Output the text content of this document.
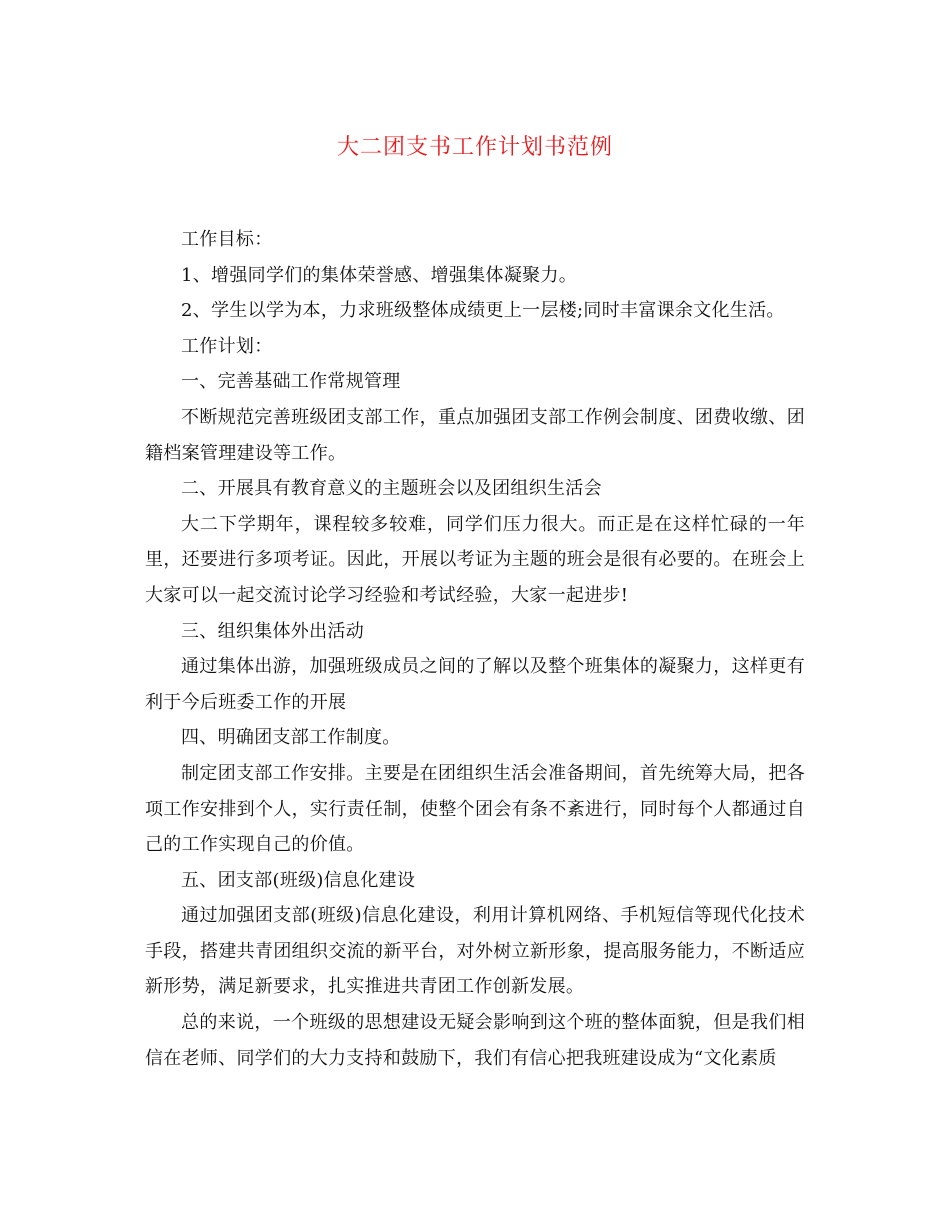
大二团支书工作计划书范例

工作目标：

1、增强同学们的集体荣誉感、增强集体凝聚力。

2、学生以学为本，力求班级整体成绩更上一层楼;同时丰富课余文化生活。

工作计划：

一、完善基础工作常规管理

不断规范完善班级团支部工作，重点加强团支部工作例会制度、团费收缴、团籍档案管理建设等工作。

二、开展具有教育意义的主题班会以及团组织生活会

大二下学期年，课程较多较难，同学们压力很大。而正是在这样忙碌的一年里，还要进行多项考证。因此，开展以考证为主题的班会是很有必要的。在班会上大家可以一起交流讨论学习经验和考试经验，大家一起进步!

三、组织集体外出活动

通过集体出游，加强班级成员之间的了解以及整个班集体的凝聚力，这样更有利于今后班委工作的开展

四、明确团支部工作制度。

制定团支部工作安排。主要是在团组织生活会准备期间，首先统筹大局，把各项工作安排到个人，实行责任制，使整个团会有条不紊进行，同时每个人都通过自己的工作实现自己的价值。

五、团支部(班级)信息化建设

通过加强团支部(班级)信息化建设，利用计算机网络、手机短信等现代化技术手段，搭建共青团组织交流的新平台，对外树立新形象，提高服务能力，不断适应新形势，满足新要求，扎实推进共青团工作创新发展。

总的来说，一个班级的思想建设无疑会影响到这个班的整体面貌，但是我们相信在老师、同学们的大力支持和鼓励下，我们有信心把我班建设成为“文化素质
